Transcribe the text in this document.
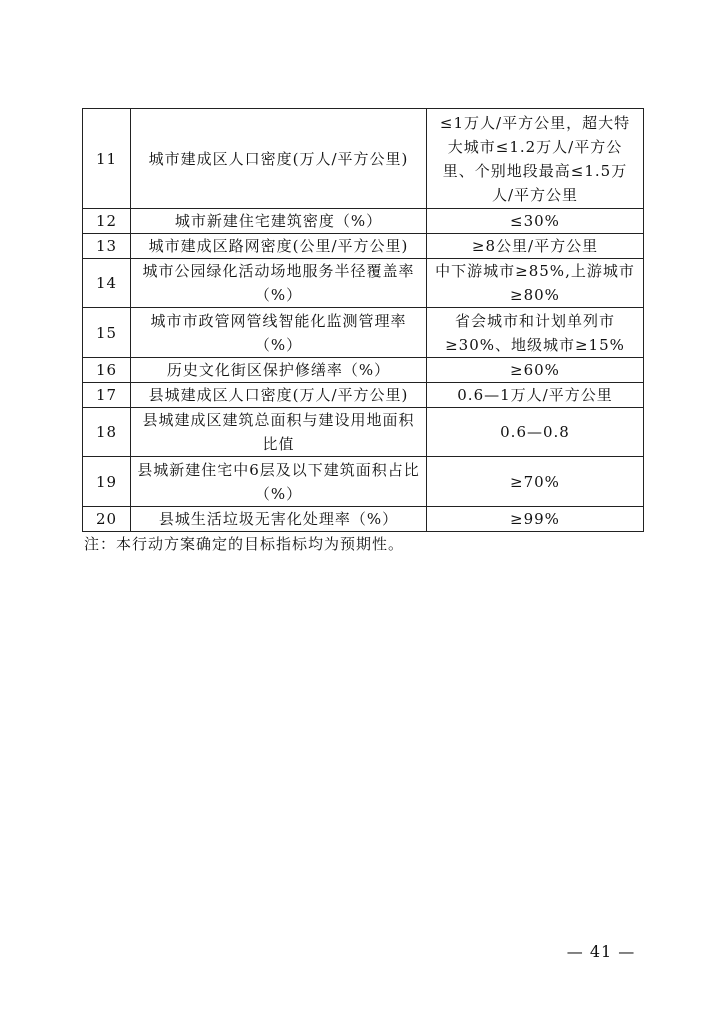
11	城市建成区人口密度(万人/平方公里)	≤1万人/平方公里，超大特大城市≤1.2万人/平方公里、个别地段最高≤1.5万人/平方公里
12	城市新建住宅建筑密度（%）	≤30%
13	城市建成区路网密度(公里/平方公里)	≥8公里/平方公里
14	城市公园绿化活动场地服务半径覆盖率（%）	中下游城市≥85%,上游城市≥80%
15	城市市政管网管线智能化监测管理率（%）	省会城市和计划单列市≥30%、地级城市≥15%
16	历史文化街区保护修缮率（%）	≥60%
17	县城建成区人口密度(万人/平方公里)	0.6—1万人/平方公里
18	县城建成区建筑总面积与建设用地面积比值	0.6—0.8
19	县城新建住宅中6层及以下建筑面积占比（%）	≥70%
20	县城生活垃圾无害化处理率（%）	≥99%

注：本行动方案确定的目标指标均为预期性。

— 41 —
